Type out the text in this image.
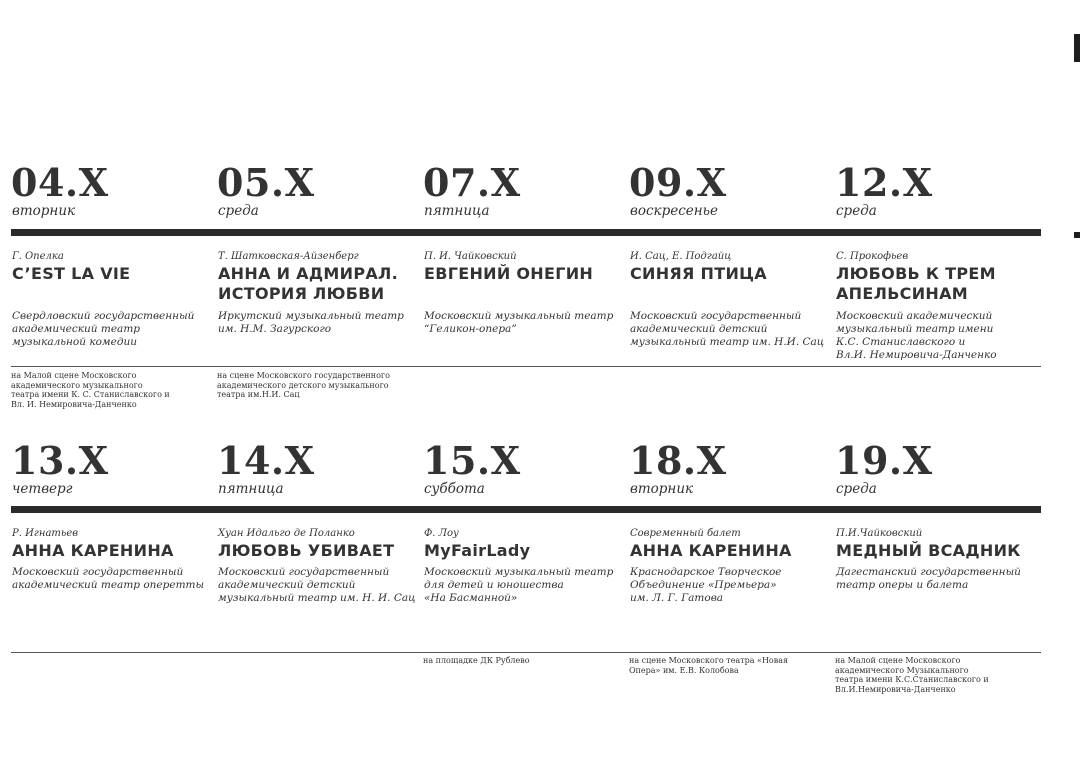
04.X
вторник
Г. Опелка
C’EST LA VIE
Свердловский государственный
академический театр
музыкальной комедии
на Малой сцене Московского
академического музыкального
театра имени К. С. Станиславского и
Вл. И. Немировича-Данченко
05.X
среда
Т. Шатковская-Айзенберг
АННА И АДМИРАЛ.
ИСТОРИЯ ЛЮБВИ
Иркутский музыкальный театр
им. Н.М. Загурского
на сцене Московского государственного
академического детского музыкального
театра им.Н.И. Сац
07.X
пятница
П. И. Чайковский
ЕВГЕНИЙ ОНЕГИН
Московский музыкальный театр
“Геликон-опера”
09.X
воскресенье
И. Сац, Е. Подгайц
СИНЯЯ ПТИЦА
Московский государственный
академический детский
музыкальный театр им. Н.И. Сац
12.X
среда
С. Прокофьев
ЛЮБОВЬ К ТРЕМ
АПЕЛЬСИНАМ
Московский академический
музыкальный театр имени
К.С. Станиславского и
Вл.И. Немировича-Данченко
13.X
четверг
Р. Игнатьев
АННА КАРЕНИНА
Московский государственный
академический театр оперетты
14.X
пятница
Хуан Идальго де Поланко
ЛЮБОВЬ УБИВАЕТ
Московский государственный
академический детский
музыкальный театр им. Н. И. Сац
15.X
суббота
Ф. Лоу
MyFairLady
Московский музыкальный театр
для детей и юношества
«На Басманной»
на площадке ДК Рублево
18.X
вторник
Современный балет
АННА КАРЕНИНА
Краснодарское Творческое
Объединение «Премьера»
им. Л. Г. Гатова
на сцене Московского театра «Новая
Опера» им. Е.В. Колобова
19.X
среда
П.И.Чайковский
МЕДНЫЙ ВСАДНИК
Дагестанский государственный
театр оперы и балета
на Малой сцене Московского
академического Музыкального
театра имени К.С.Станиславского и
Вл.И.Немировича-Данченко
